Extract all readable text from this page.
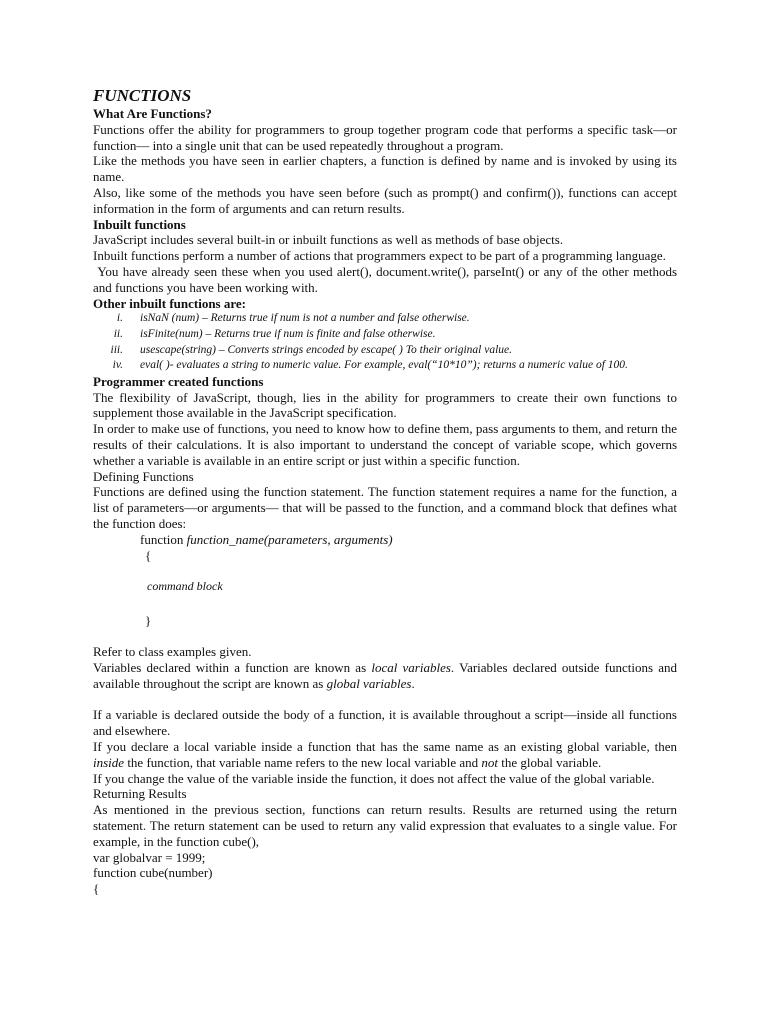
FUNCTIONS
What Are Functions?

Functions offer the ability for programmers to group together program code that performs a specific task—or function— into a single unit that can be used repeatedly throughout a program.

Like the methods you have seen in earlier chapters, a function is defined by name and is invoked by using its name.

Also, like some of the methods you have seen before (such as prompt() and confirm()), functions can accept information in the form of arguments and can return results.

Inbuilt functions

JavaScript includes several built-in or inbuilt functions as well as methods of base objects.

Inbuilt functions perform a number of actions that programmers expect to be part of a programming language.

You have already seen these when you used alert(), document.write(), parseInt() or any of the other methods and functions you have been working with.

Other inbuilt functions are:
i.	isNaN (num) – Returns true if num is not a number and false otherwise.
ii.	isFinite(num) – Returns true if num is finite and false otherwise.
iii.	usescape(string) – Converts strings encoded by escape( ) To their original value.
iv.	eval( )- evaluates a string to numeric value. For example, eval(“10*10”); returns a numeric value of 100.
Programmer created functions

The flexibility of JavaScript, though, lies in the ability for programmers to create their own functions to supplement those available in the JavaScript specification.

In order to make use of functions, you need to know how to define them, pass arguments to them, and return the results of their calculations. It is also important to understand the concept of variable scope, which governs whether a variable is available in an entire script or just within a specific function.

Defining Functions

Functions are defined using the function statement. The function statement requires a name for the function, a list of parameters—or arguments— that will be passed to the function, and a command block that defines what the function does:

function function_name(parameters, arguments)
{
command block
}

Refer to class examples given.

Variables declared within a function are known as local variables. Variables declared outside functions and available throughout the script are known as global variables.

If a variable is declared outside the body of a function, it is available throughout a script—inside all functions and elsewhere.

If you declare a local variable inside a function that has the same name as an existing global variable, then inside the function, that variable name refers to the new local variable and not the global variable.

If you change the value of the variable inside the function, it does not affect the value of the global variable.

Returning Results

As mentioned in the previous section, functions can return results. Results are returned using the return statement. The return statement can be used to return any valid expression that evaluates to a single value. For example, in the function cube(),

var globalvar = 1999;
function cube(number)
{
